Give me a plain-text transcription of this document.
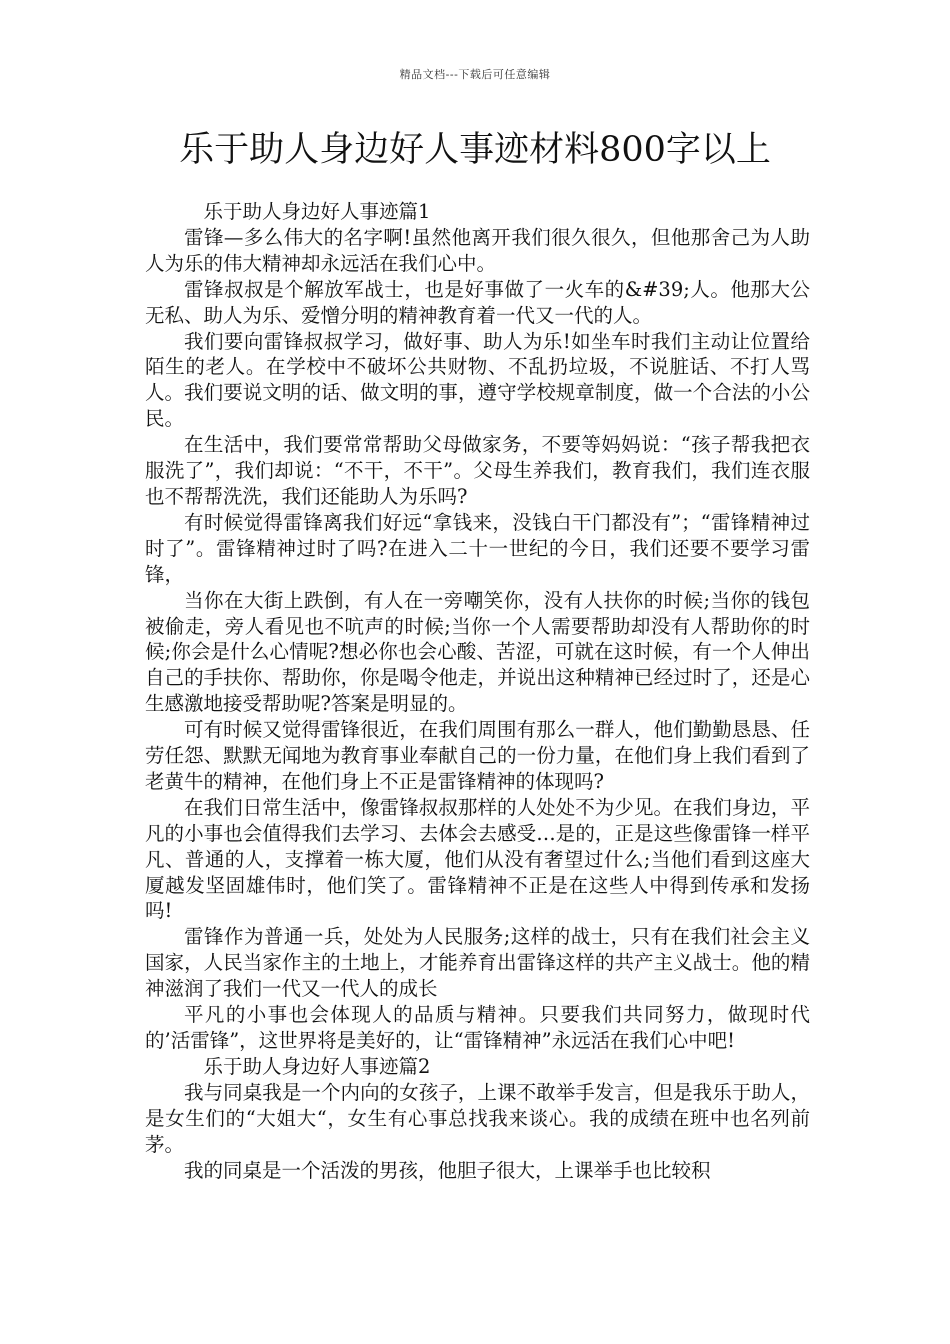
精品文档---下载后可任意编辑
乐于助人身边好人事迹材料800字以上
乐于助人身边好人事迹篇1

雷锋—多么伟大的名字啊!虽然他离开我们很久很久，但他那舍己为人助人为乐的伟大精神却永远活在我们心中。

雷锋叔叔是个解放军战士，也是好事做了一火车的&#39;人。他那大公无私、助人为乐、爱憎分明的精神教育着一代又一代的人。

我们要向雷锋叔叔学习，做好事、助人为乐!如坐车时我们主动让位置给陌生的老人。在学校中不破坏公共财物、不乱扔垃圾，不说脏话、不打人骂人。我们要说文明的话、做文明的事，遵守学校规章制度，做一个合法的小公民。

在生活中，我们要常常帮助父母做家务，不要等妈妈说：“孩子帮我把衣服洗了”，我们却说：“不干，不干”。父母生养我们，教育我们，我们连衣服也不帮帮洗洗，我们还能助人为乐吗?

有时候觉得雷锋离我们好远“拿钱来，没钱白干门都没有”；“雷锋精神过时了”。雷锋精神过时了吗?在进入二十一世纪的今日，我们还要不要学习雷锋，

当你在大街上跌倒，有人在一旁嘲笑你，没有人扶你的时候;当你的钱包被偷走，旁人看见也不吭声的时候;当你一个人需要帮助却没有人帮助你的时候;你会是什么心情呢?想必你也会心酸、苦涩，可就在这时候，有一个人伸出自己的手扶你、帮助你，你是喝令他走，并说出这种精神已经过时了，还是心生感激地接受帮助呢?答案是明显的。

可有时候又觉得雷锋很近，在我们周围有那么一群人，他们勤勤恳恳、任劳任怨、默默无闻地为教育事业奉献自己的一份力量，在他们身上我们看到了老黄牛的精神，在他们身上不正是雷锋精神的体现吗?

在我们日常生活中，像雷锋叔叔那样的人处处不为少见。在我们身边，平凡的小事也会值得我们去学习、去体会去感受…是的，正是这些像雷锋一样平凡、普通的人，支撑着一栋大厦，他们从没有奢望过什么;当他们看到这座大厦越发坚固雄伟时，他们笑了。雷锋精神不正是在这些人中得到传承和发扬吗!

雷锋作为普通一兵，处处为人民服务;这样的战士，只有在我们社会主义国家，人民当家作主的土地上，才能养育出雷锋这样的共产主义战士。他的精神滋润了我们一代又一代人的成长

平凡的小事也会体现人的品质与精神。只要我们共同努力，做现时代的’活雷锋”，这世界将是美好的，让“雷锋精神”永远活在我们心中吧!

乐于助人身边好人事迹篇2

我与同桌我是一个内向的女孩子，上课不敢举手发言，但是我乐于助人，是女生们的“大姐大“，女生有心事总找我来谈心。我的成绩在班中也名列前茅。

我的同桌是一个活泼的男孩，他胆子很大，上课举手也比较积
